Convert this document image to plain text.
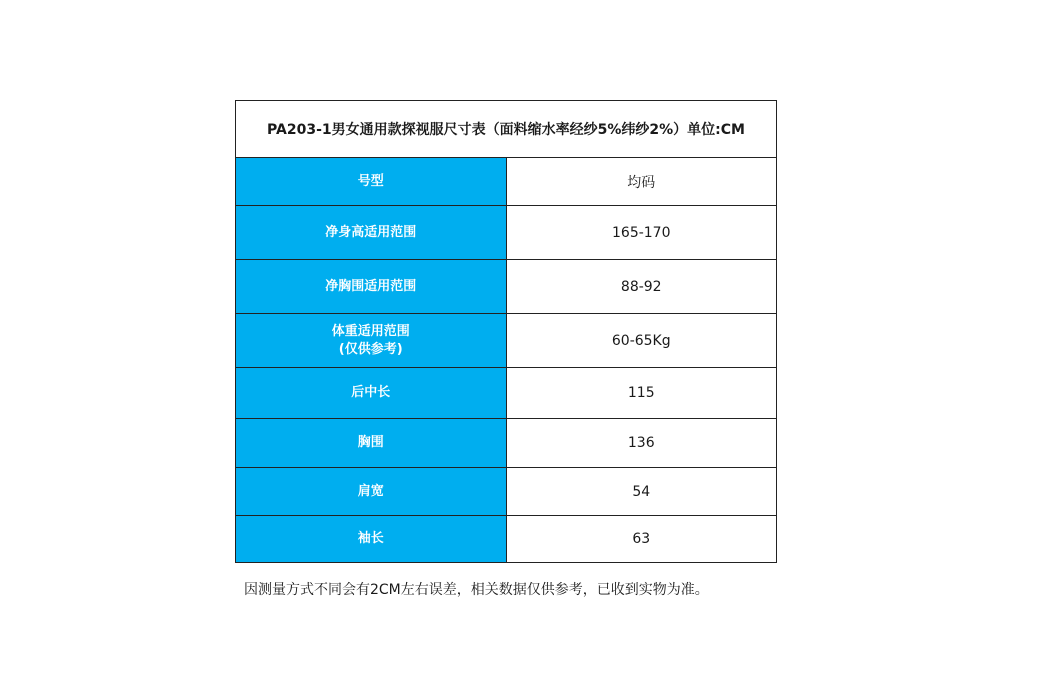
PA203-1男女通用款探视服尺寸表（面料缩水率经纱5%纬纱2%）单位:CM	

号型	均码

净身高适用范围	165-170

净胸围适用范围	88-92

体重适用范围
(仅供参考)	60-65Kg

后中长	115

胸围	136

肩宽	54

袖长	63
因测量方式不同会有2CM左右误差，相关数据仅供参考，已收到实物为准。
